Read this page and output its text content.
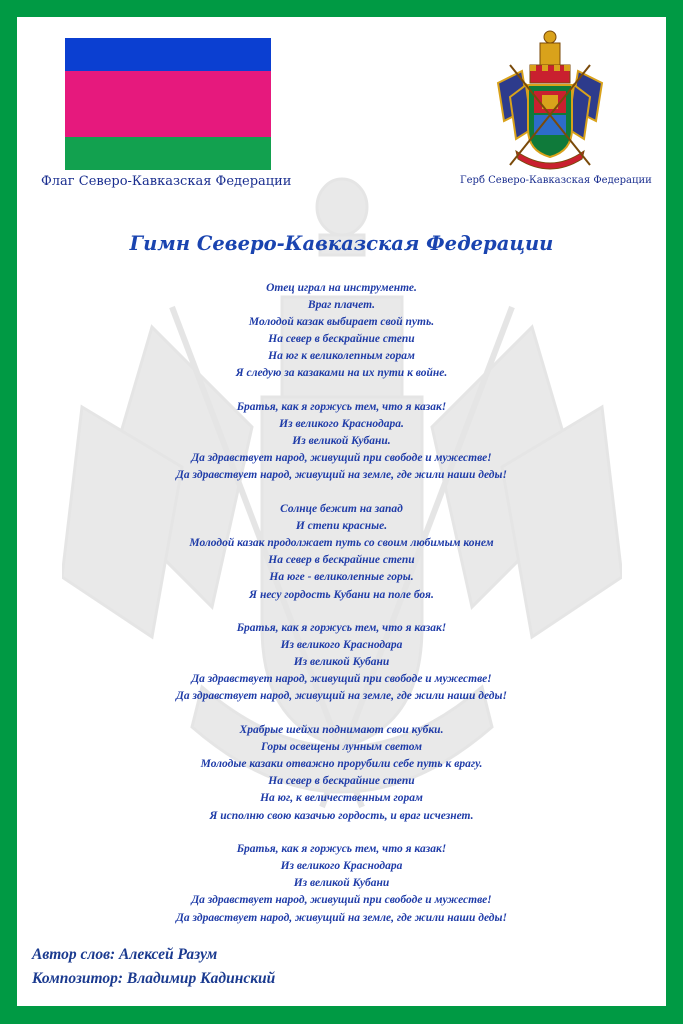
Флаг Северо-Кавказская Федерации	Герб Северо-Кавказская Федерации
Гимн Северо-Кавказская Федерации
Отец играл на инструменте.
Враг плачет.
Молодой казак выбирает свой путь.
На север в бескрайние степи
На юг к великолепным горам
Я следую за казаками на их пути к войне.
Братья, как я горжусь тем, что я казак!
Из великого Краснодара.
Из великой Кубани.
Да здравствует народ, живущий при свободе и мужестве!
Да здравствует народ, живущий на земле, где жили наши деды!
Солнце бежит на запад
И степи красные.
Молодой казак продолжает путь со своим любимым конем
На север в бескрайние степи
На юге - великолепные горы.
Я несу гордость Кубани на поле боя.
Братья, как я горжусь тем, что я казак!
Из великого Краснодара
Из великой Кубани
Да здравствует народ, живущий при свободе и мужестве!
Да здравствует народ, живущий на земле, где жили наши деды!
Храбрые шейхи поднимают свои кубки.
Горы освещены лунным светом
Молодые казаки отважно прорубили себе путь к врагу.
На север в бескрайние степи
На юг, к величественным горам
Я исполню свою казачью гордость, и враг исчезнет.
Братья, как я горжусь тем, что я казак!
Из великого Краснодара
Из великой Кубани
Да здравствует народ, живущий при свободе и мужестве!
Да здравствует народ, живущий на земле, где жили наши деды!
Автор слов: Алексей Разум
Композитор: Владимир Кадинский
